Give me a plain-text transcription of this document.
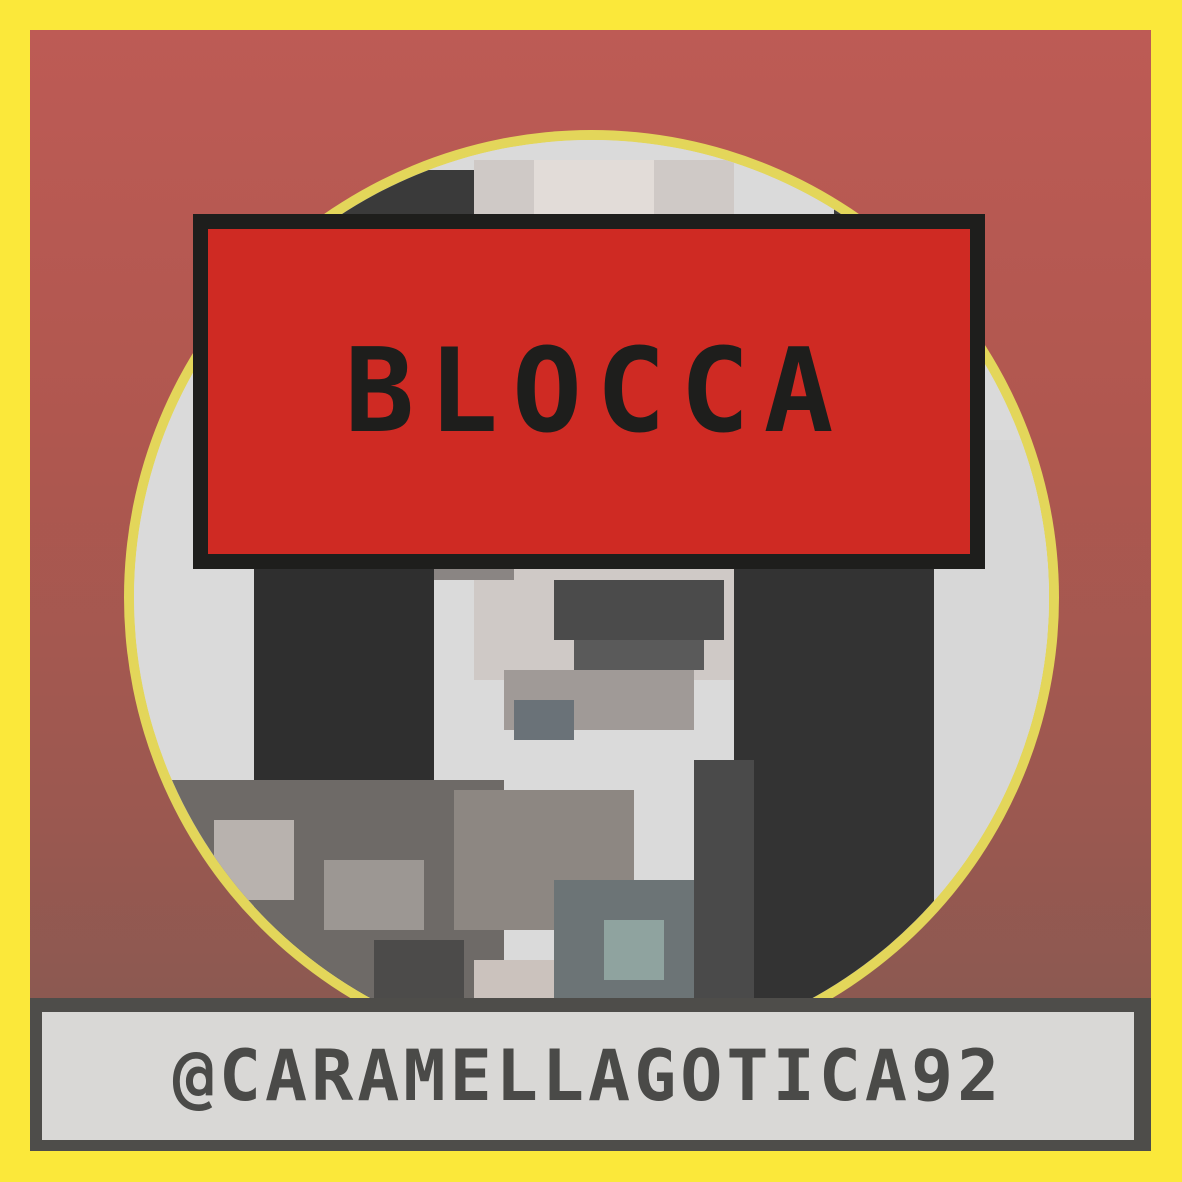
BLOCCA
@CARAMELLAGOTICA92
